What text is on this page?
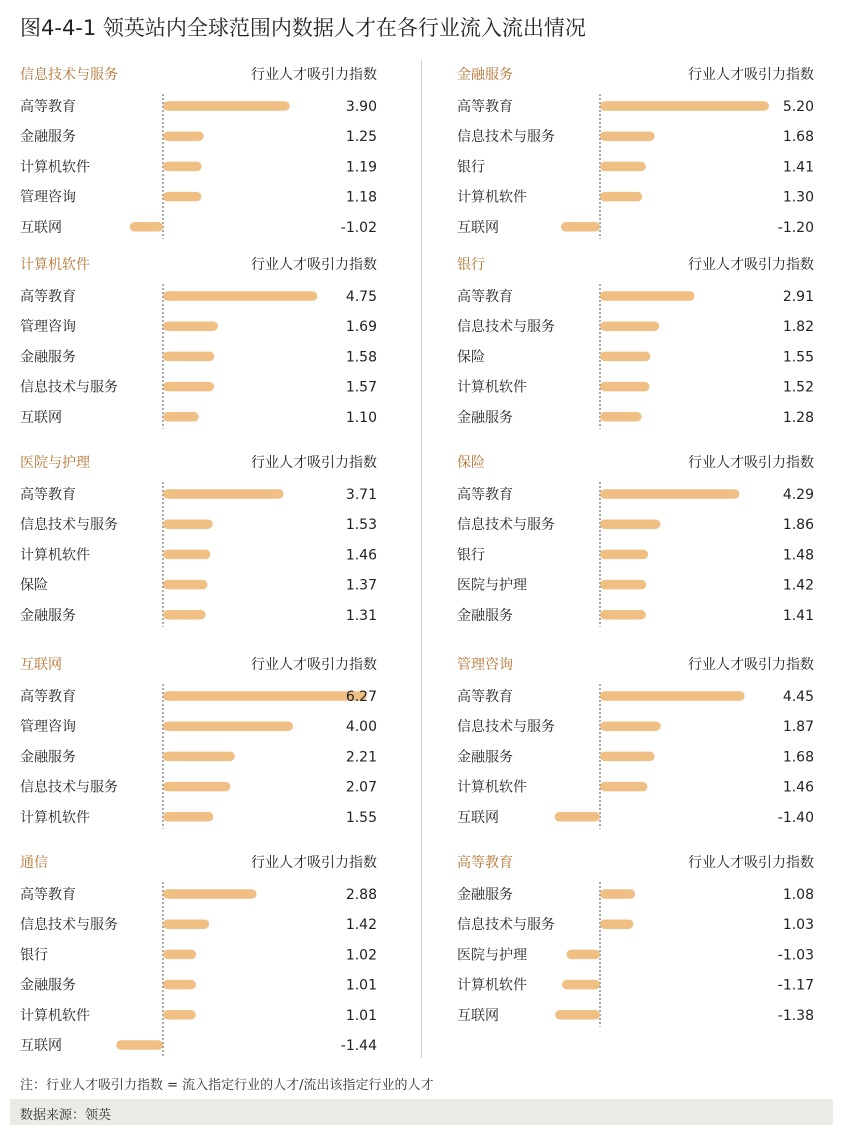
图4-4-1 领英站内全球范围内数据人才在各行业流入流出情况
信息技术与服务	行业人才吸引力指数
高等教育	3.90
金融服务	1.25
计算机软件	1.19
管理咨询	1.18
互联网	-1.02
金融服务	行业人才吸引力指数
高等教育	5.20
信息技术与服务	1.68
银行	1.41
计算机软件	1.30
互联网	-1.20
计算机软件	行业人才吸引力指数
高等教育	4.75
管理咨询	1.69
金融服务	1.58
信息技术与服务	1.57
互联网	1.10
银行	行业人才吸引力指数
高等教育	2.91
信息技术与服务	1.82
保险	1.55
计算机软件	1.52
金融服务	1.28
医院与护理	行业人才吸引力指数
高等教育	3.71
信息技术与服务	1.53
计算机软件	1.46
保险	1.37
金融服务	1.31
保险	行业人才吸引力指数
高等教育	4.29
信息技术与服务	1.86
银行	1.48
医院与护理	1.42
金融服务	1.41
互联网	行业人才吸引力指数
高等教育	6.27
管理咨询	4.00
金融服务	2.21
信息技术与服务	2.07
计算机软件	1.55
管理咨询	行业人才吸引力指数
高等教育	4.45
信息技术与服务	1.87
金融服务	1.68
计算机软件	1.46
互联网	-1.40
通信	行业人才吸引力指数
高等教育	2.88
信息技术与服务	1.42
银行	1.02
金融服务	1.01
计算机软件	1.01
互联网	-1.44
高等教育	行业人才吸引力指数
金融服务	1.08
信息技术与服务	1.03
医院与护理	-1.03
计算机软件	-1.17
互联网	-1.38
注：行业人才吸引力指数 = 流入指定行业的人才/流出该指定行业的人才
数据来源：领英
